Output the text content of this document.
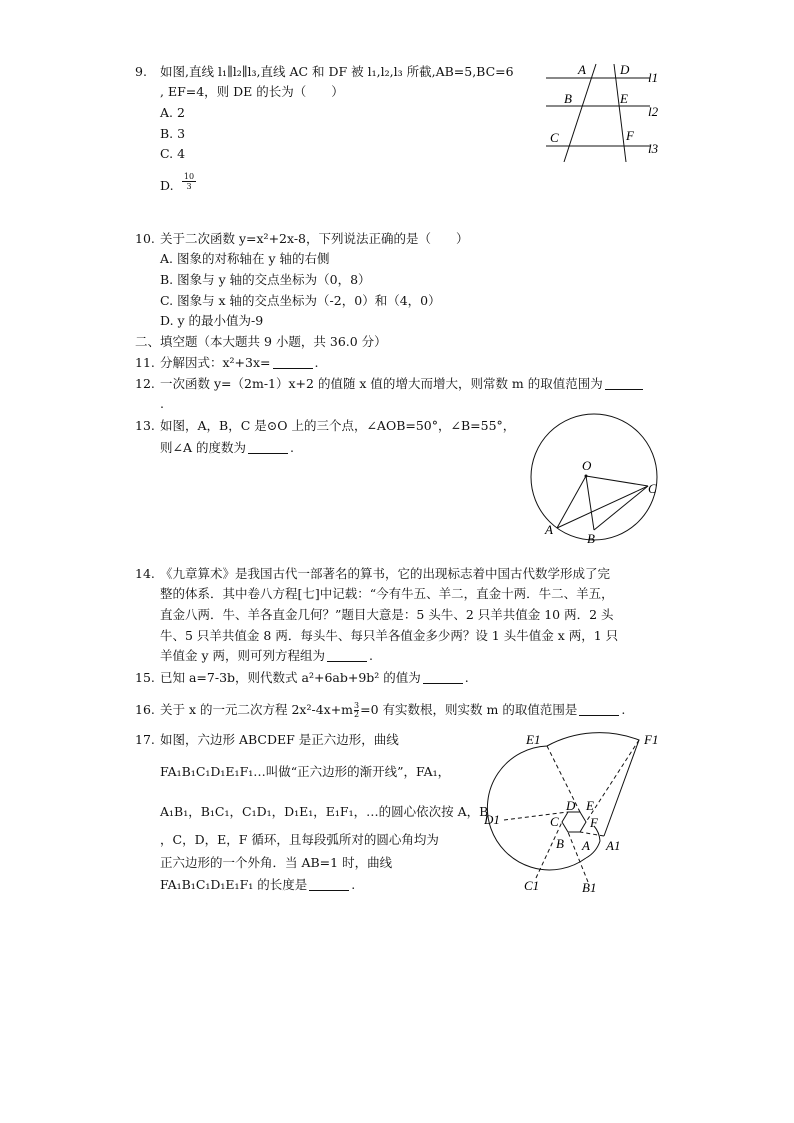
9. 如图,直线 l₁∥l₂∥l₃,直线 AC 和 DF 被 l₁,l₂,l₃ 所截,AB=5,BC=6
, EF=4，则 DE 的长为（　　）
A. 2
B. 3
C. 4
D. $\frac{10}{3}$
A	D
B	E
C	F
l1
l2
l3
10. 关于二次函数 y=x²+2x-8，下列说法正确的是（　　）
A. 图象的对称轴在 y 轴的右侧
B. 图象与 y 轴的交点坐标为（0，8）
C. 图象与 x 轴的交点坐标为（-2，0）和（4，0）
D. y 的最小值为-9
二、填空题（本大题共 9 小题，共 36.0 分）
11. 分解因式：x²+3x=	.
12. 一次函数 y=（2m-1）x+2 的值随 x 值的增大而增大，则常数 m 的取值范围为
.
13. 如图，A，B，C 是⊙O 上的三个点，∠AOB=50°，∠B=55°，
则∠A 的度数为	.
O
C
A
B
14. 《九章算术》是我国古代一部著名的算书，它的出现标志着中国古代数学形成了完
整的体系．其中卷八方程[七]中记载：“今有牛五、羊二，直金十两．牛二、羊五，
直金八两．牛、羊各直金几何？”题目大意是：5 头牛、2 只羊共值金 10 两．2 头
牛、5 只羊共值金 8 两．每头牛、每只羊各值金多少两？设 1 头牛值金 x 两，1 只
羊值金 y 两，则可列方程组为	.
15. 已知 a=7-3b，则代数式 a²+6ab+9b² 的值为	.
16. 关于 x 的一元二次方程 $2x^2-4x+m \frac{3}{2} =0$ 有实数根，则实数 m 的取值范围是	.
17. 如图，六边形 ABCDEF 是正六边形，曲线
FA₁B₁C₁D₁E₁F₁…叫做“正六边形的渐开线”，FA₁，
A₁B₁，B₁C₁，C₁D₁，D₁E₁，E₁F₁，…的圆心依次按 A，B
，C，D，E，F 循环，且每段弧所对的圆心角均为
正六边形的一个外角．当 AB=1 时，曲线
FA₁B₁C₁D₁E₁F₁ 的长度是	.
E1	F1
D1
D E
C F
A1
B A
C1	B1
